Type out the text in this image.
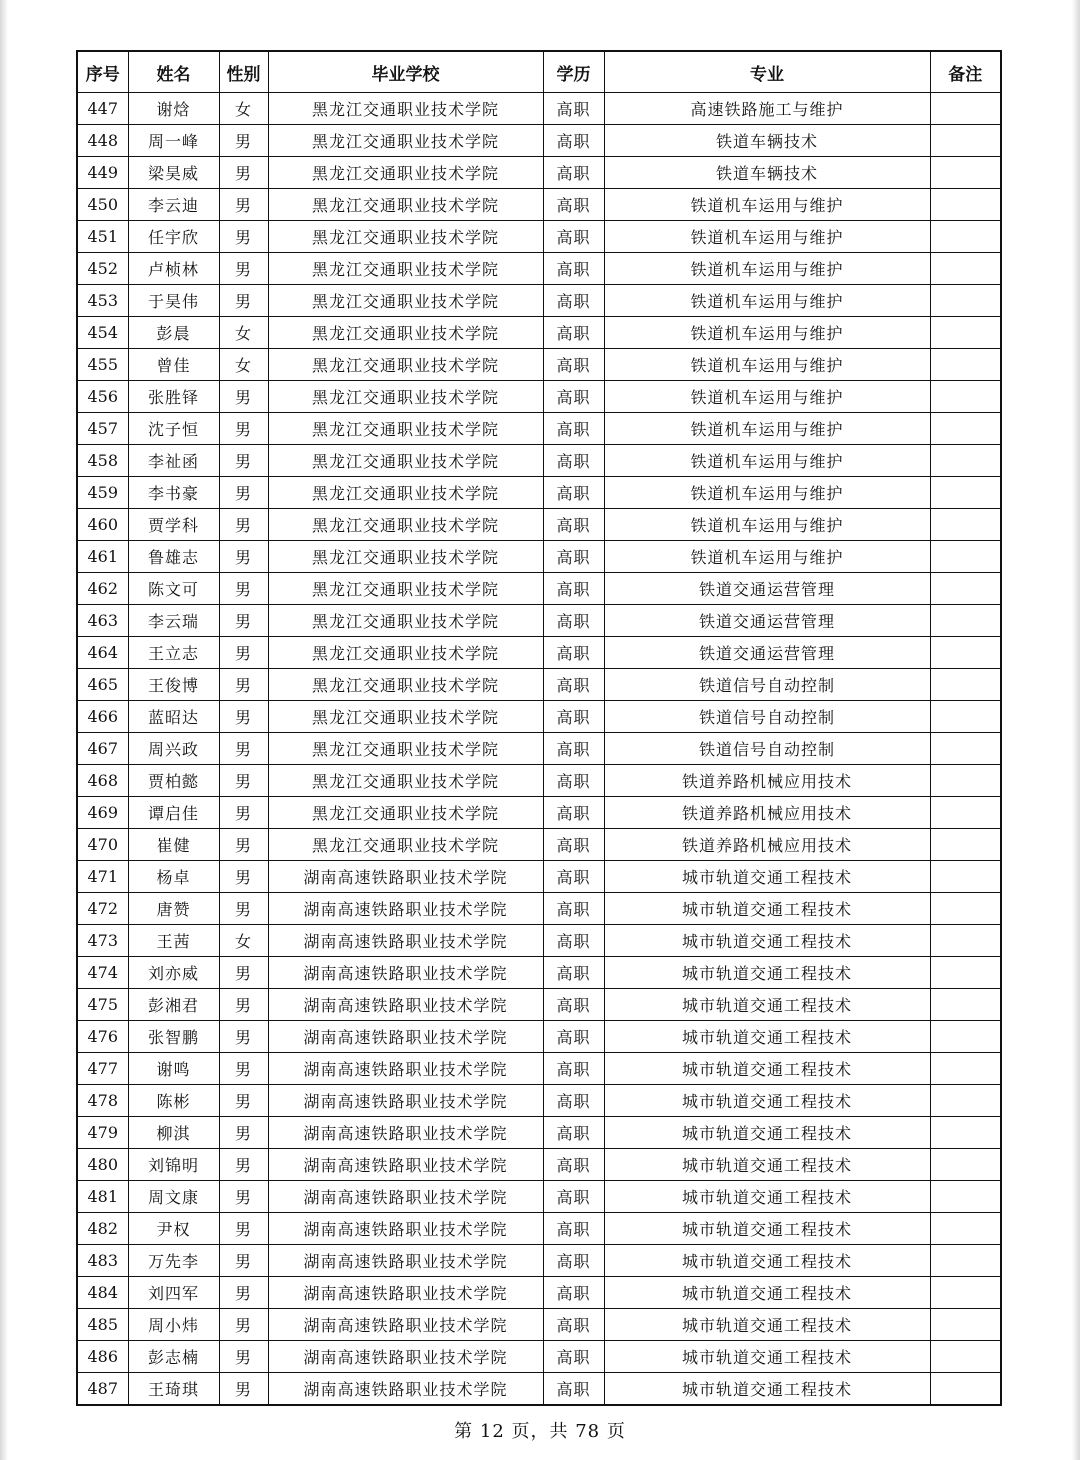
序号	姓名	性别	毕业学校	学历	专业	备注
447	谢焓	女	黑龙江交通职业技术学院	高职	高速铁路施工与维护	
448	周一峰	男	黑龙江交通职业技术学院	高职	铁道车辆技术	
449	梁昊威	男	黑龙江交通职业技术学院	高职	铁道车辆技术	
450	李云迪	男	黑龙江交通职业技术学院	高职	铁道机车运用与维护	
451	任宇欣	男	黑龙江交通职业技术学院	高职	铁道机车运用与维护	
452	卢桢林	男	黑龙江交通职业技术学院	高职	铁道机车运用与维护	
453	于昊伟	男	黑龙江交通职业技术学院	高职	铁道机车运用与维护	
454	彭晨	女	黑龙江交通职业技术学院	高职	铁道机车运用与维护	
455	曾佳	女	黑龙江交通职业技术学院	高职	铁道机车运用与维护	
456	张胜铎	男	黑龙江交通职业技术学院	高职	铁道机车运用与维护	
457	沈子恒	男	黑龙江交通职业技术学院	高职	铁道机车运用与维护	
458	李祉函	男	黑龙江交通职业技术学院	高职	铁道机车运用与维护	
459	李书豪	男	黑龙江交通职业技术学院	高职	铁道机车运用与维护	
460	贾学科	男	黑龙江交通职业技术学院	高职	铁道机车运用与维护	
461	鲁雄志	男	黑龙江交通职业技术学院	高职	铁道机车运用与维护	
462	陈文可	男	黑龙江交通职业技术学院	高职	铁道交通运营管理	
463	李云瑞	男	黑龙江交通职业技术学院	高职	铁道交通运营管理	
464	王立志	男	黑龙江交通职业技术学院	高职	铁道交通运营管理	
465	王俊博	男	黑龙江交通职业技术学院	高职	铁道信号自动控制	
466	蓝昭达	男	黑龙江交通职业技术学院	高职	铁道信号自动控制	
467	周兴政	男	黑龙江交通职业技术学院	高职	铁道信号自动控制	
468	贾柏懿	男	黑龙江交通职业技术学院	高职	铁道养路机械应用技术	
469	谭启佳	男	黑龙江交通职业技术学院	高职	铁道养路机械应用技术	
470	崔健	男	黑龙江交通职业技术学院	高职	铁道养路机械应用技术	
471	杨卓	男	湖南高速铁路职业技术学院	高职	城市轨道交通工程技术	
472	唐赞	男	湖南高速铁路职业技术学院	高职	城市轨道交通工程技术	
473	王茜	女	湖南高速铁路职业技术学院	高职	城市轨道交通工程技术	
474	刘亦威	男	湖南高速铁路职业技术学院	高职	城市轨道交通工程技术	
475	彭湘君	男	湖南高速铁路职业技术学院	高职	城市轨道交通工程技术	
476	张智鹏	男	湖南高速铁路职业技术学院	高职	城市轨道交通工程技术	
477	谢鸣	男	湖南高速铁路职业技术学院	高职	城市轨道交通工程技术	
478	陈彬	男	湖南高速铁路职业技术学院	高职	城市轨道交通工程技术	
479	柳淇	男	湖南高速铁路职业技术学院	高职	城市轨道交通工程技术	
480	刘锦明	男	湖南高速铁路职业技术学院	高职	城市轨道交通工程技术	
481	周文康	男	湖南高速铁路职业技术学院	高职	城市轨道交通工程技术	
482	尹权	男	湖南高速铁路职业技术学院	高职	城市轨道交通工程技术	
483	万先李	男	湖南高速铁路职业技术学院	高职	城市轨道交通工程技术	
484	刘四军	男	湖南高速铁路职业技术学院	高职	城市轨道交通工程技术	
485	周小炜	男	湖南高速铁路职业技术学院	高职	城市轨道交通工程技术	
486	彭志楠	男	湖南高速铁路职业技术学院	高职	城市轨道交通工程技术	
487	王琦琪	男	湖南高速铁路职业技术学院	高职	城市轨道交通工程技术	
第 12 页，共 78 页
